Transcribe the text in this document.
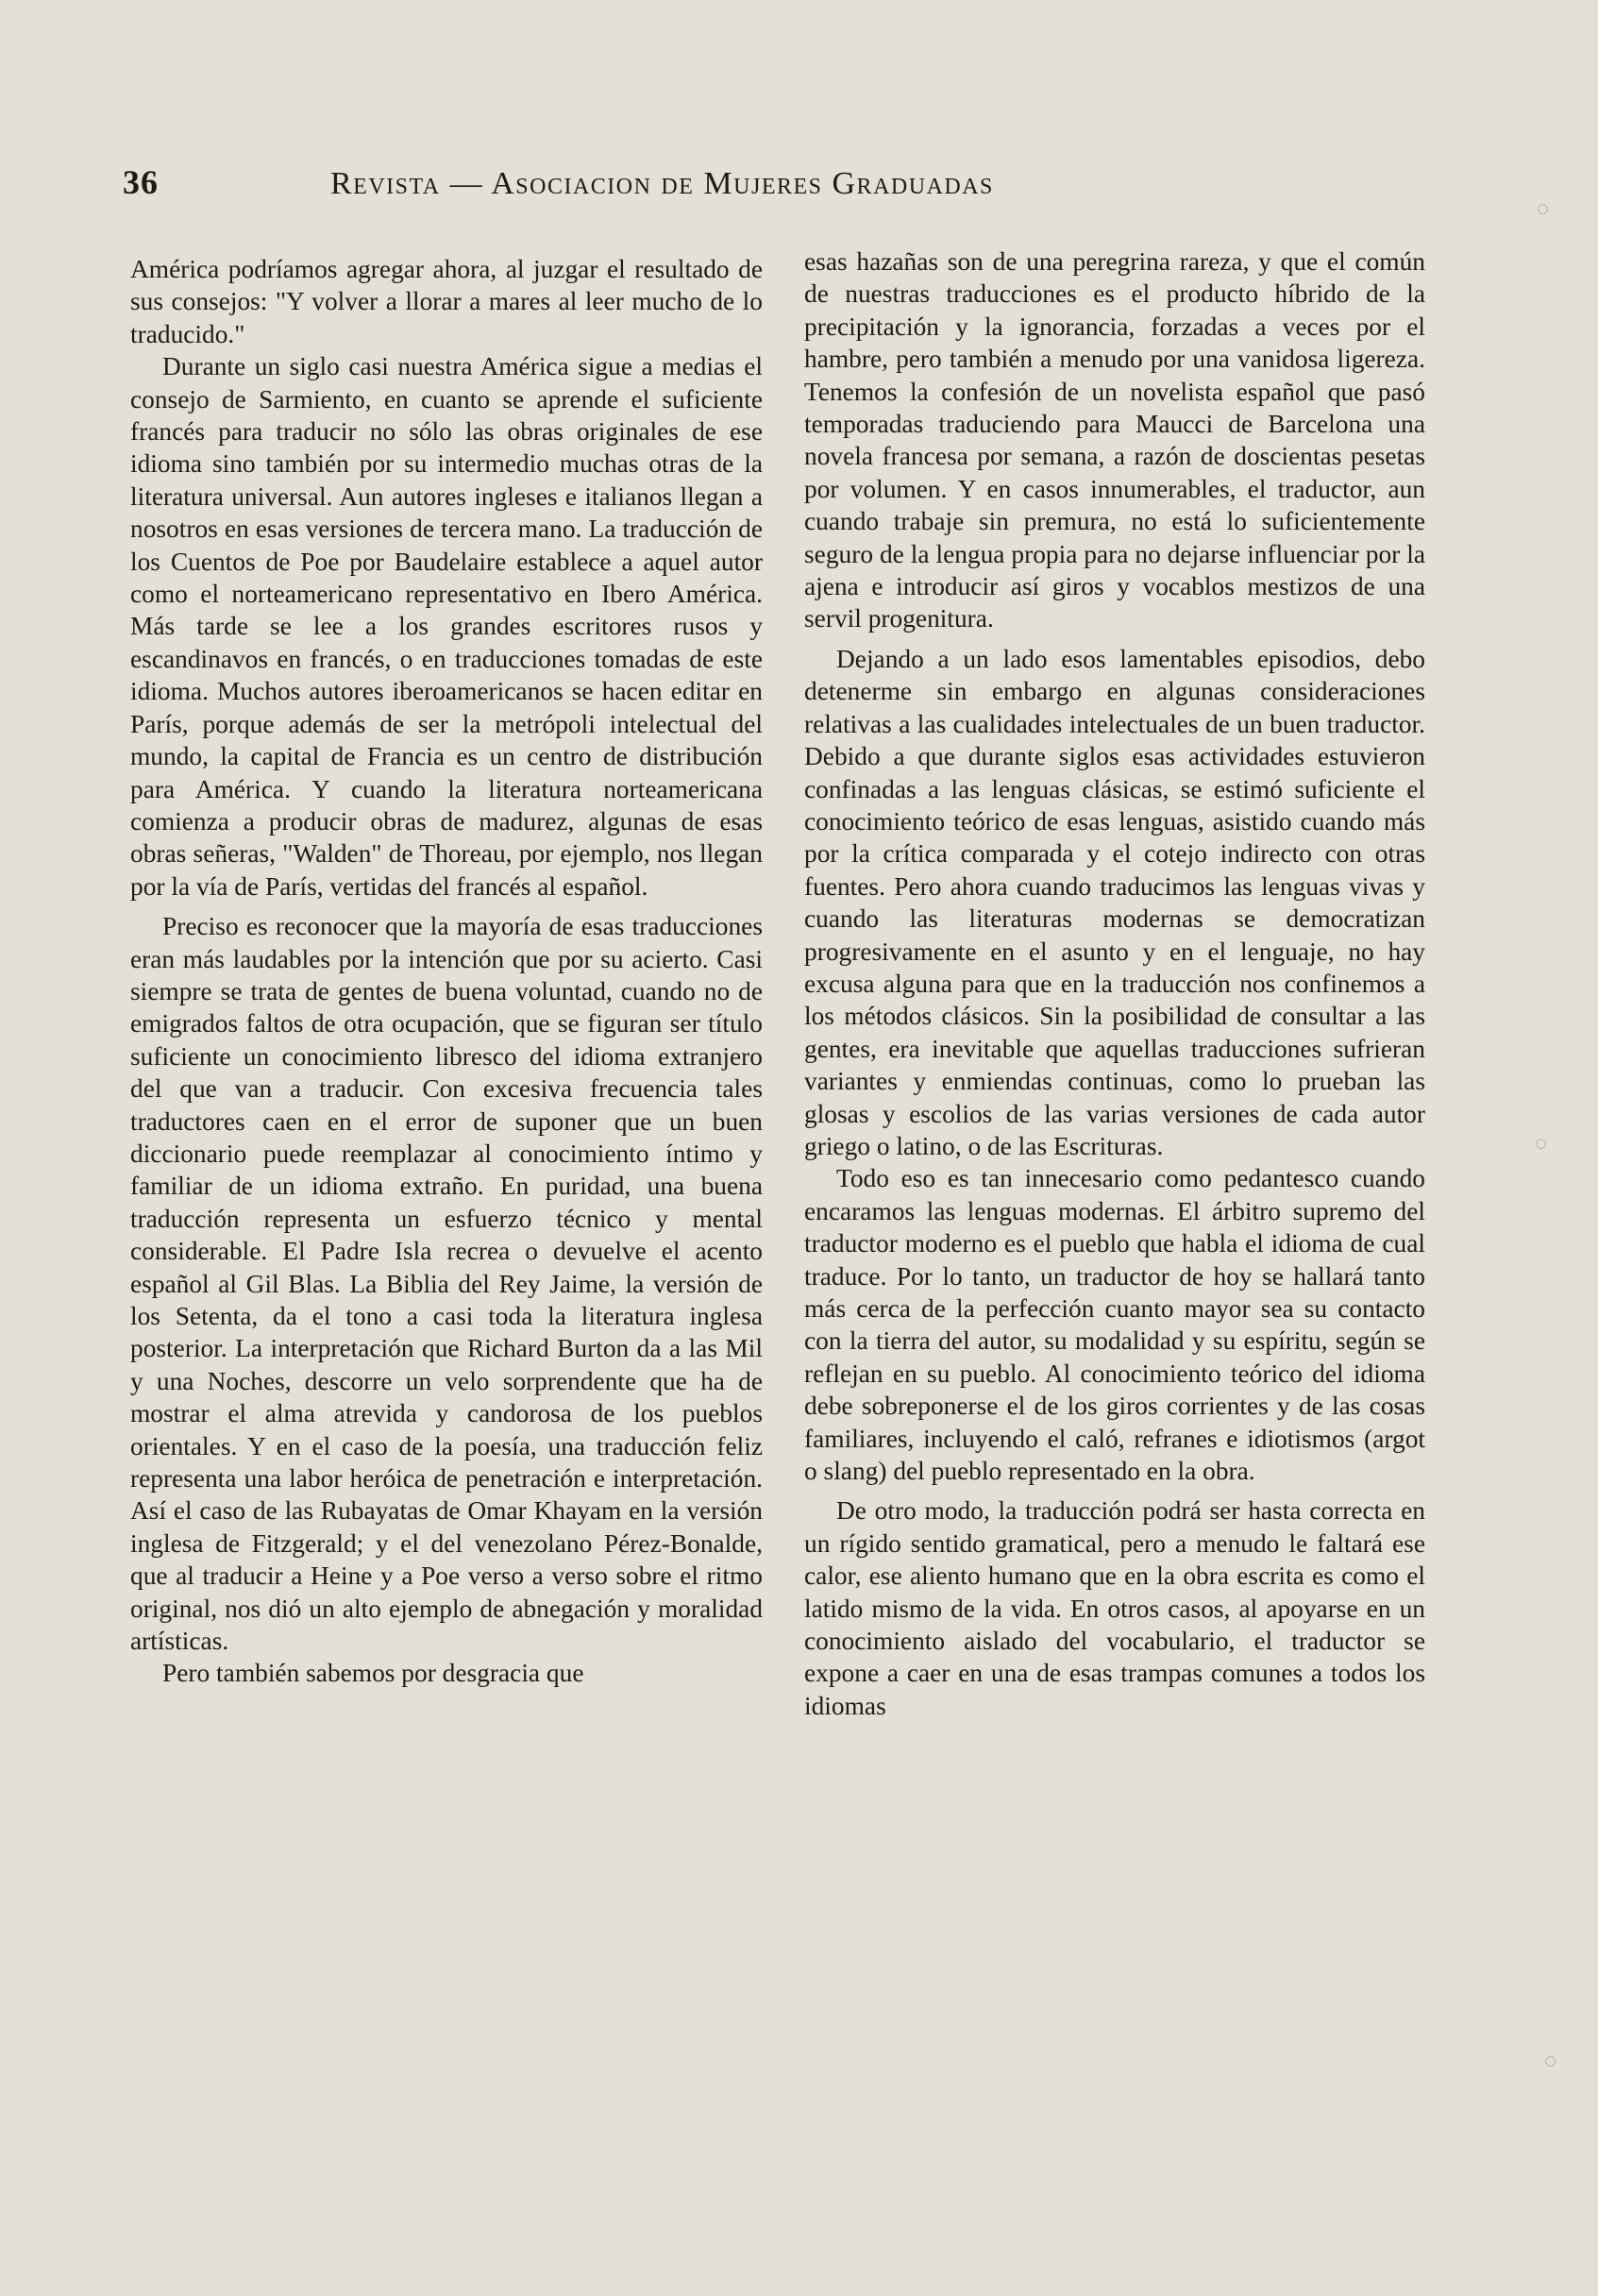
36	Revista — Asociacion de Mujeres Graduadas

América podríamos agregar ahora, al juzgar el resultado de sus consejos: "Y volver a llorar a mares al leer mucho de lo traducido."

Durante un siglo casi nuestra América sigue a medias el consejo de Sarmiento, en cuanto se aprende el suficiente francés para traducir no sólo las obras originales de ese idioma sino también por su intermedio muchas otras de la literatura universal. Aun autores ingleses e italianos llegan a nosotros en esas versiones de tercera mano. La traducción de los Cuentos de Poe por Baudelaire establece a aquel autor como el norteamericano representativo en Ibero América. Más tarde se lee a los grandes escritores rusos y escandinavos en francés, o en traducciones tomadas de este idioma. Muchos autores iberoamericanos se hacen editar en París, porque además de ser la metrópoli intelectual del mundo, la capital de Francia es un centro de distribución para América. Y cuando la literatura norteamericana comienza a producir obras de madurez, algunas de esas obras señeras, "Walden" de Thoreau, por ejemplo, nos llegan por la vía de París, vertidas del francés al español.

Preciso es reconocer que la mayoría de esas traducciones eran más laudables por la intención que por su acierto. Casi siempre se trata de gentes de buena voluntad, cuando no de emigrados faltos de otra ocupación, que se figuran ser título suficiente un conocimiento libresco del idioma extranjero del que van a traducir. Con excesiva frecuencia tales traductores caen en el error de suponer que un buen diccionario puede reemplazar al conocimiento íntimo y familiar de un idioma extraño. En puridad, una buena traducción representa un esfuerzo técnico y mental considerable. El Padre Isla recrea o devuelve el acento español al Gil Blas. La Biblia del Rey Jaime, la versión de los Setenta, da el tono a casi toda la literatura inglesa posterior. La interpretación que Richard Burton da a las Mil y una Noches, descorre un velo sorprendente que ha de mostrar el alma atrevida y candorosa de los pueblos orientales. Y en el caso de la poesía, una traducción feliz representa una labor heróica de penetración e interpretación. Así el caso de las Rubayatas de Omar Khayam en la versión inglesa de Fitzgerald; y el del venezolano Pérez-Bonalde, que al traducir a Heine y a Poe verso a verso sobre el ritmo original, nos dió un alto ejemplo de abnegación y moralidad artísticas.

Pero también sabemos por desgracia que

esas hazañas son de una peregrina rareza, y que el común de nuestras traducciones es el producto híbrido de la precipitación y la ignorancia, forzadas a veces por el hambre, pero también a menudo por una vanidosa ligereza. Tenemos la confesión de un novelista español que pasó temporadas traduciendo para Maucci de Barcelona una novela francesa por semana, a razón de doscientas pesetas por volumen. Y en casos innumerables, el traductor, aun cuando trabaje sin premura, no está lo suficientemente seguro de la lengua propia para no dejarse influenciar por la ajena e introducir así giros y vocablos mestizos de una servil progenitura.

Dejando a un lado esos lamentables episodios, debo detenerme sin embargo en algunas consideraciones relativas a las cualidades intelectuales de un buen traductor. Debido a que durante siglos esas actividades estuvieron confinadas a las lenguas clásicas, se estimó suficiente el conocimiento teórico de esas lenguas, asistido cuando más por la crítica comparada y el cotejo indirecto con otras fuentes. Pero ahora cuando traducimos las lenguas vivas y cuando las literaturas modernas se democratizan progresivamente en el asunto y en el lenguaje, no hay excusa alguna para que en la traducción nos confinemos a los métodos clásicos. Sin la posibilidad de consultar a las gentes, era inevitable que aquellas traducciones sufrieran variantes y enmiendas continuas, como lo prueban las glosas y escolios de las varias versiones de cada autor griego o latino, o de las Escrituras.

Todo eso es tan innecesario como pedantesco cuando encaramos las lenguas modernas. El árbitro supremo del traductor moderno es el pueblo que habla el idioma de cual traduce. Por lo tanto, un traductor de hoy se hallará tanto más cerca de la perfección cuanto mayor sea su contacto con la tierra del autor, su modalidad y su espíritu, según se reflejan en su pueblo. Al conocimiento teórico del idioma debe sobreponerse el de los giros corrientes y de las cosas familiares, incluyendo el caló, refranes e idiotismos (argot o slang) del pueblo representado en la obra.

De otro modo, la traducción podrá ser hasta correcta en un rígido sentido gramatical, pero a menudo le faltará ese calor, ese aliento humano que en la obra escrita es como el latido mismo de la vida. En otros casos, al apoyarse en un conocimiento aislado del vocabulario, el traductor se expone a caer en una de esas trampas comunes a todos los idiomas

◌
◌
◌
